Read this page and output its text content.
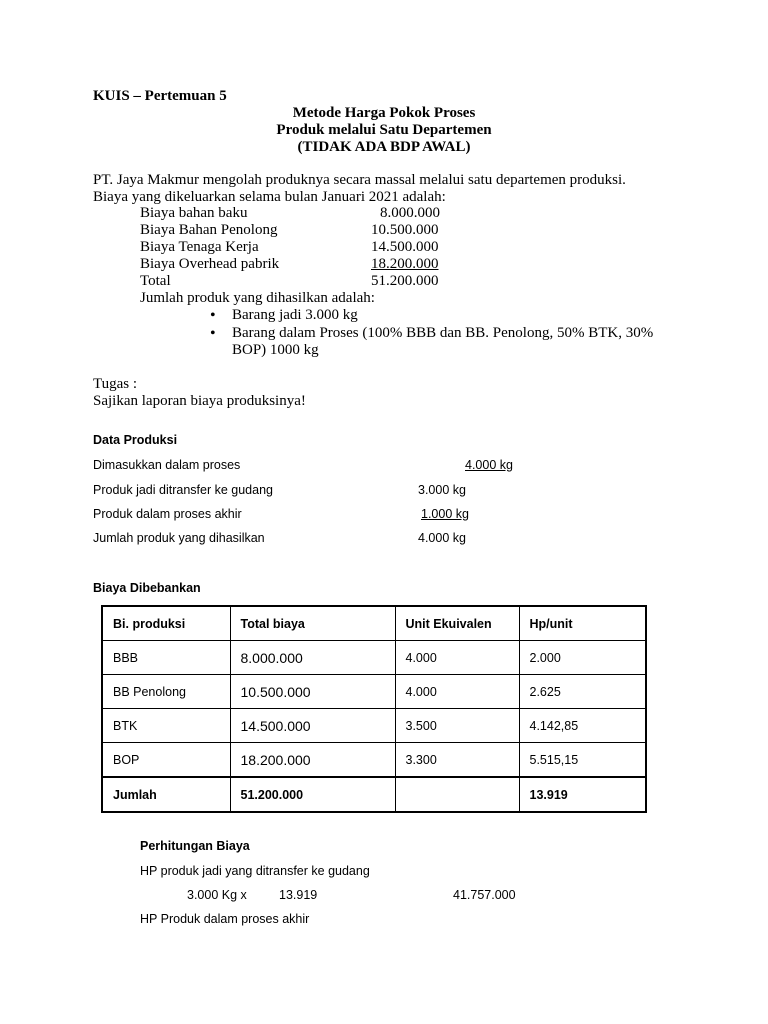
KUIS – Pertemuan 5
Metode Harga Pokok Proses
Produk melalui Satu Departemen
(TIDAK ADA BDP AWAL)
PT. Jaya Makmur mengolah produknya secara massal melalui satu departemen produksi.
Biaya yang dikeluarkan selama bulan Januari 2021 adalah:
Biaya bahan baku	8.000.000
Biaya Bahan Penolong	10.500.000
Biaya Tenaga Kerja	14.500.000
Biaya Overhead pabrik	18.200.000
Total	51.200.000
Jumlah produk yang dihasilkan adalah:
• Barang jadi 3.000 kg
• Barang dalam Proses (100% BBB dan BB. Penolong, 50% BTK, 30%
BOP) 1000 kg
Tugas :
Sajikan laporan biaya produksinya!
Data Produksi
Dimasukkan dalam proses	4.000 kg
Produk jadi ditransfer ke gudang	3.000 kg
Produk dalam proses akhir	1.000 kg
Jumlah produk yang dihasilkan	4.000 kg
Biaya Dibebankan
Bi. produksi	Total biaya	Unit Ekuivalen	Hp/unit
BBB	8.000.000	4.000	2.000
BB Penolong	10.500.000	4.000	2.625
BTK	14.500.000	3.500	4.142,85
BOP	18.200.000	3.300	5.515,15
Jumlah	51.200.000		13.919
Perhitungan Biaya
HP produk jadi yang ditransfer ke gudang
3.000 Kg x	13.919	41.757.000
HP Produk dalam proses akhir
